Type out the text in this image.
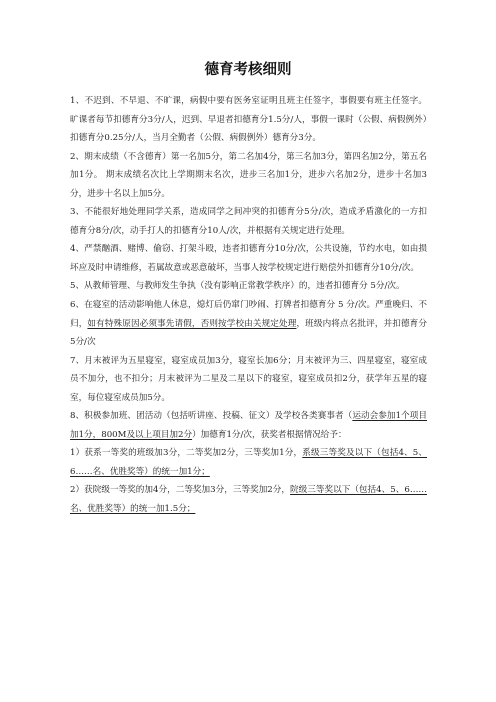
德育考核细则

1、不迟到、不早退、不旷课，病假中要有医务室证明且班主任签字，事假要有班主任签字。旷课者每节扣德育分3分/人，迟到、早退者扣德育分1.5分/人，事假一课时（公假、病假例外）扣德育分0.25分/人，当月全勤者（公假、病假例外）德育分3分。

2、期末成绩（不含德育）第一名加5分，第二名加4分，第三名加3分，第四名加2分，第五名加1分。 期末成绩名次比上学期期末名次，进步三名加1分，进步六名加2分，进步十名加3分，进步十名以上加5分。

3、不能很好地处理同学关系，造成同学之间冲突的扣德育分5分/次，造成矛盾激化的一方扣德育分8分/次，动手打人的扣德育分10人/次，并根据有关规定进行处理。

4、严禁酗酒、赌博、偷窃、打架斗殴，违者扣德育分10分/次，公共设施，节约水电，如由损坏应及时申请维修，若属故意或恶意破坏，当事人按学校规定进行赔偿外扣德育分10分/次。

5、从教师管理、与教师发生争执（没有影响正常教学秩序）的，违者扣德育分 5分/次。

6、在寝室的活动影响他人休息，熄灯后仍窜门吵闹、打牌者扣德育分 5 分/次。严重晚归、不归，如有特殊原因必须事先请假，否则按学校由关规定处理，班级内将点名批评，并扣德育分5分/次

7、月末被评为五星寝室，寝室成员加3分，寝室长加6分；月末被评为三、四星寝室，寝室成员不加分，也不扣分；月末被评为二星及二星以下的寝室，寝室成员扣2分，获学年五星的寝室，每位寝室成员加5分。

8、积极参加班、团活动（包括听讲座、投稿、征文）及学校各类赛事者（运动会参加1个项目加1分，800M及以上项目加2分）加德育1分/次，获奖者根据情况给予：

1）获系一等奖的班级加3分，二等奖加2分，三等奖加1分，系级三等奖及以下（包括4、5、6……名、优胜奖等）的统一加1分；

2）获院级一等奖的加4分，二等奖加3分，三等奖加2分，院级三等奖以下（包括4、5、6……名、优胜奖等）的统一加1.5分；
